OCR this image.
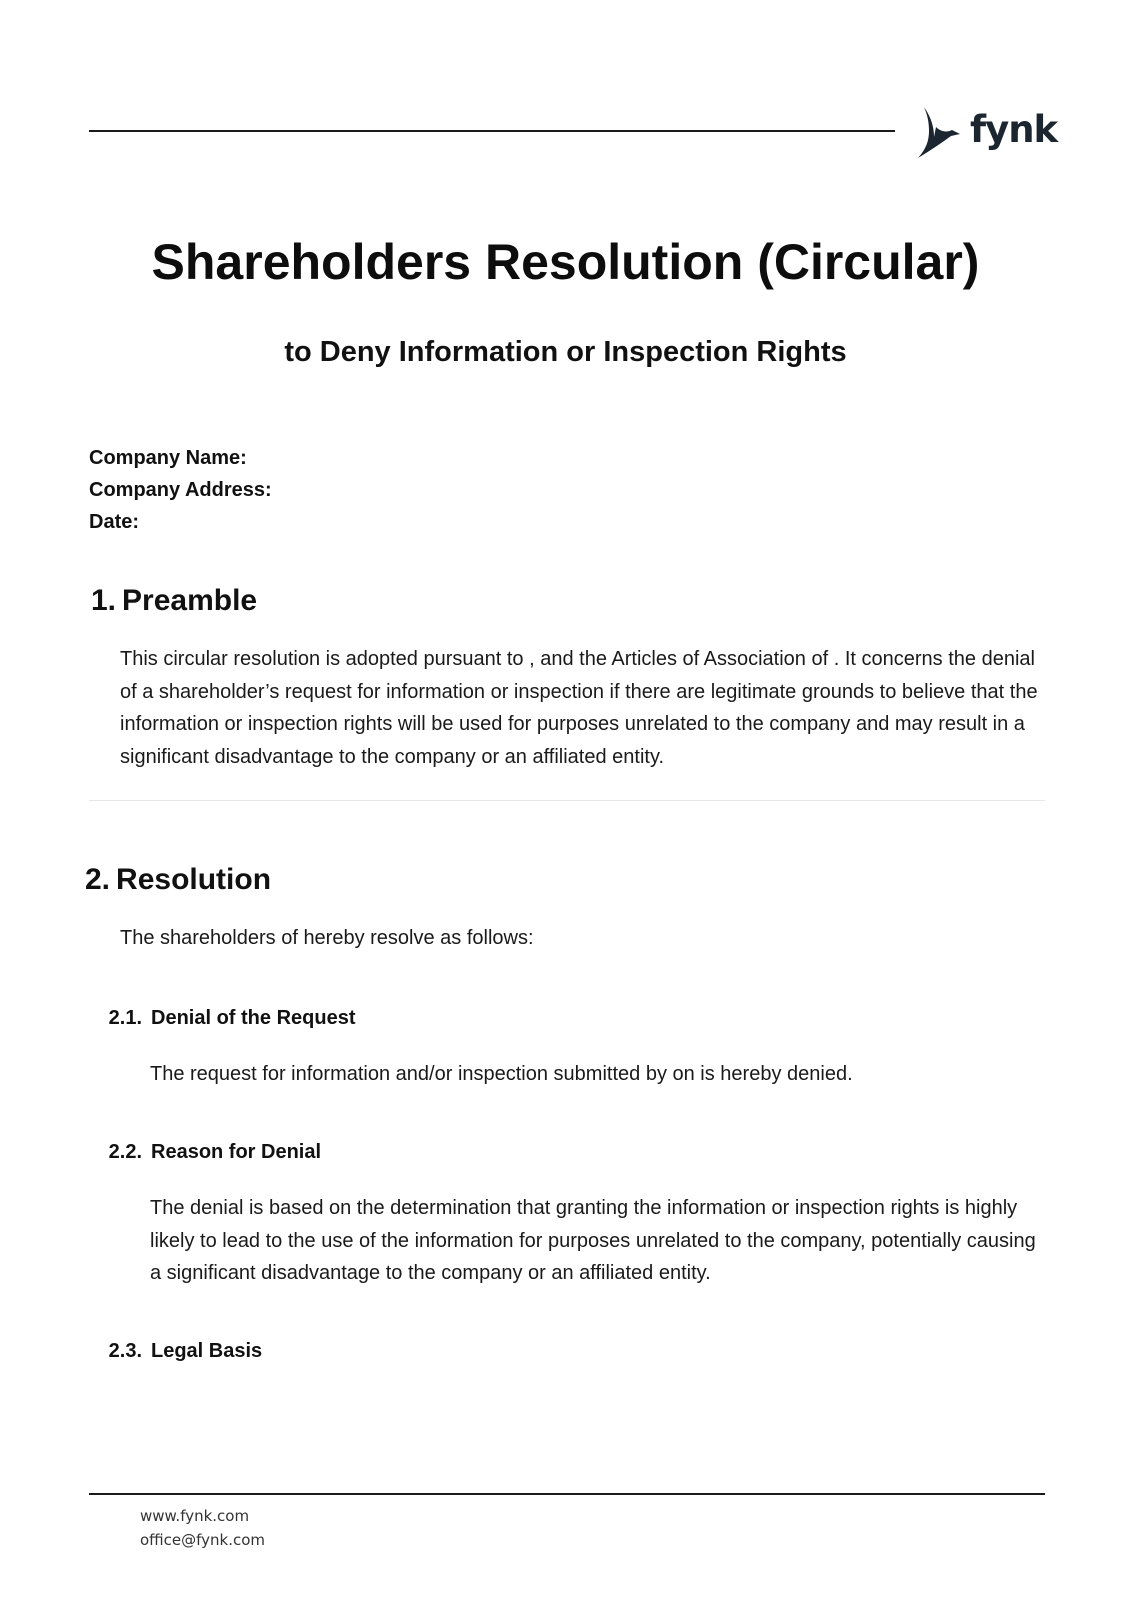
fynk
Shareholders Resolution (Circular)
to Deny Information or Inspection Rights
Company Name:
Company Address:
Date:
1. Preamble

This circular resolution is adopted pursuant to , and the Articles of Association of . It concerns the denial of a shareholder’s request for information or inspection if there are legitimate grounds to believe that the information or inspection rights will be used for purposes unrelated to the company and may result in a significant disadvantage to the company or an affiliated entity.

2. Resolution

The shareholders of hereby resolve as follows:

2.1. Denial of the Request

The request for information and/or inspection submitted by on is hereby denied.

2.2. Reason for Denial

The denial is based on the determination that granting the information or inspection rights is highly likely to lead to the use of the information for purposes unrelated to the company, potentially causing a significant disadvantage to the company or an affiliated entity.

2.3. Legal Basis
www.fynk.com
office@fynk.com
